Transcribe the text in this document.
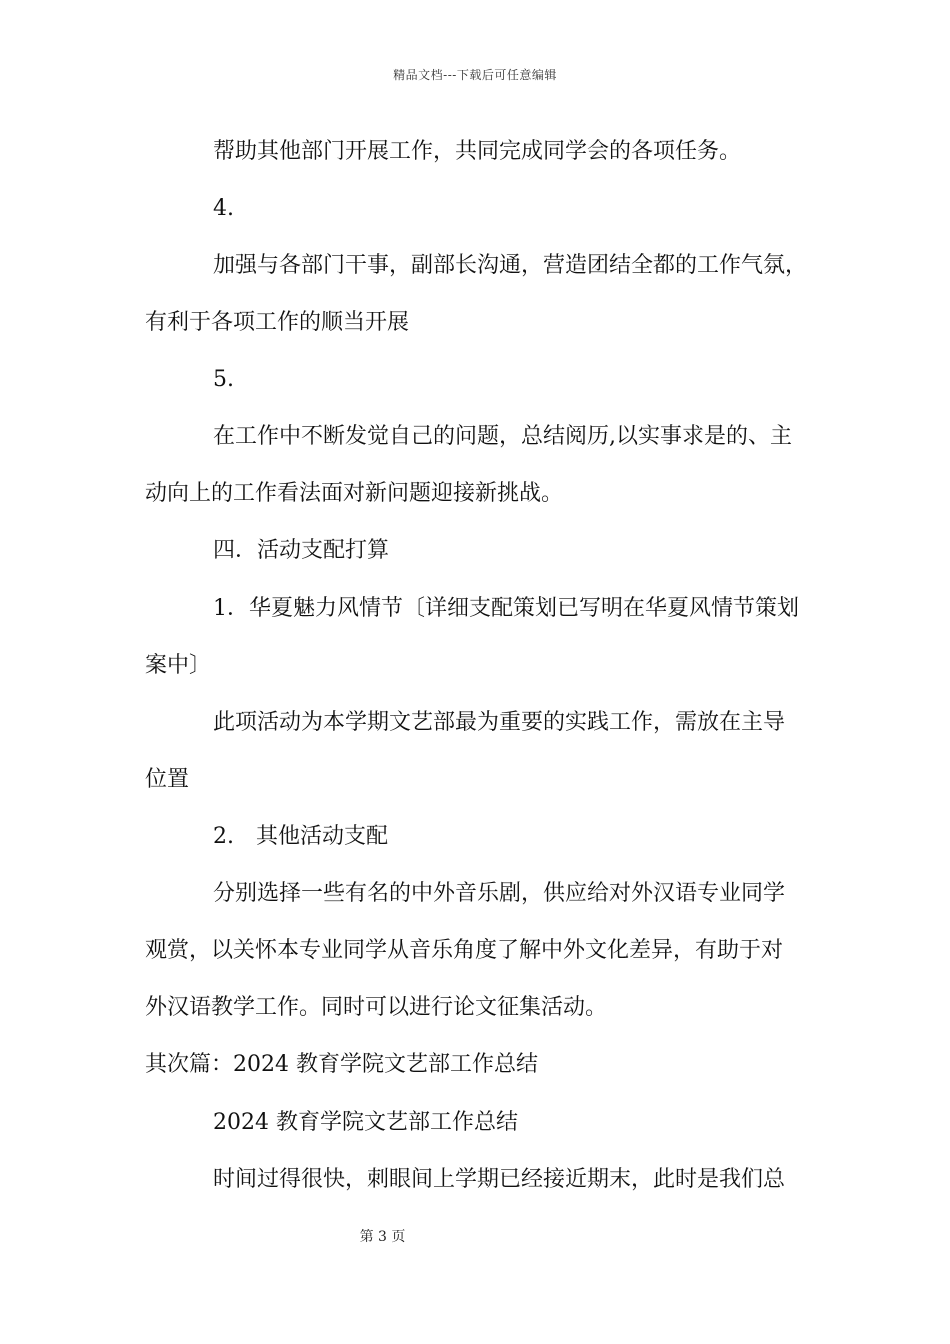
精品文档---下载后可任意编辑
帮助其他部门开展工作，共同完成同学会的各项任务。
4.
加强与各部门干事，副部长沟通，营造团结全都的工作气氛，
有利于各项工作的顺当开展
5.
在工作中不断发觉自己的问题，总结阅历,以实事求是的、主
动向上的工作看法面对新问题迎接新挑战。
四．活动支配打算
1．华夏魅力风情节〔详细支配策划已写明在华夏风情节策划
案中〕
此项活动为本学期文艺部最为重要的实践工作，需放在主导
位置
2. 其他活动支配
分别选择一些有名的中外音乐剧，供应给对外汉语专业同学
观赏，以关怀本专业同学从音乐角度了解中外文化差异，有助于对
外汉语教学工作。同时可以进行论文征集活动。
其次篇：2024 教育学院文艺部工作总结
2024 教育学院文艺部工作总结
时间过得很快，刺眼间上学期已经接近期末，此时是我们总
第 3 页
